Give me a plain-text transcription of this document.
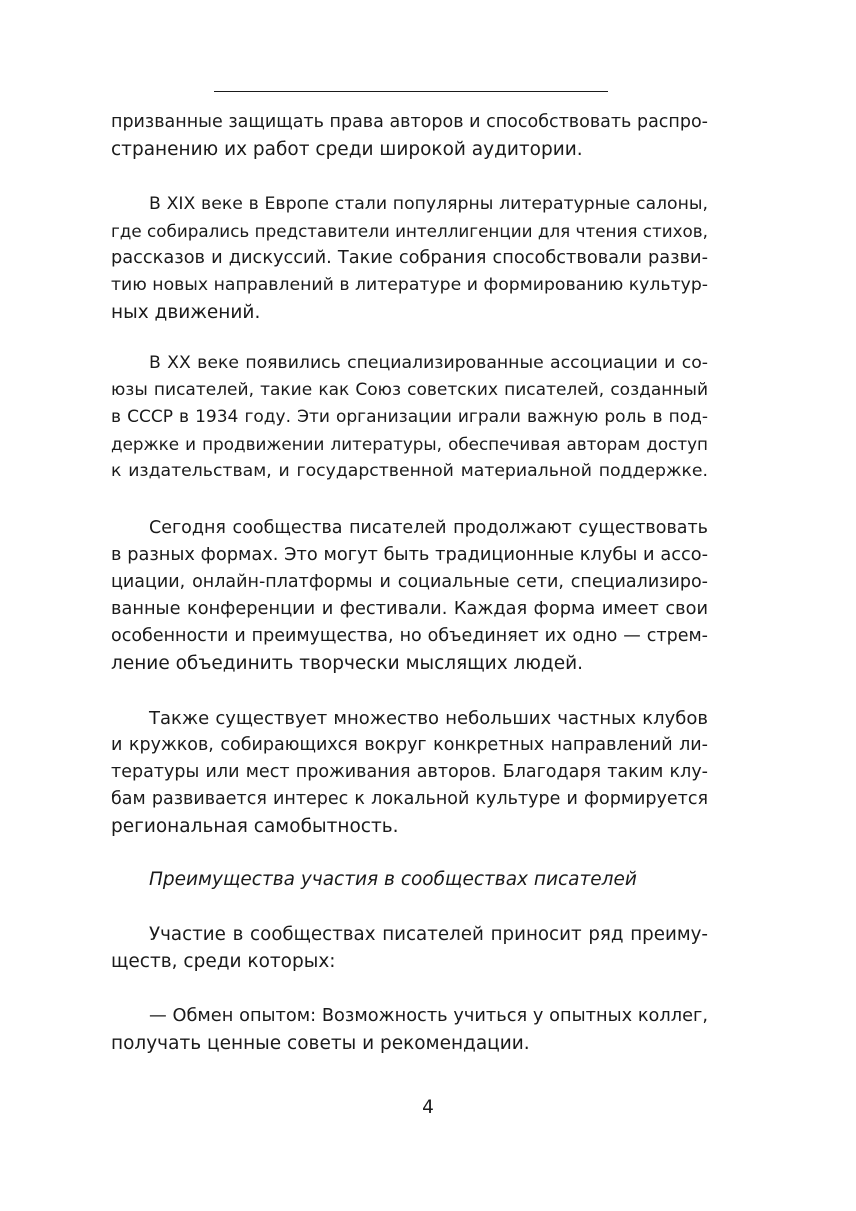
призванные защищать права авторов и способствовать распро-
странению их работ среди широкой аудитории.
В XIX веке в Европе стали популярны литературные салоны,
где собирались представители интеллигенции для чтения стихов,
рассказов и дискуссий. Такие собрания способствовали разви-
тию новых направлений в литературе и формированию культур-
ных движений.
В XX веке появились специализированные ассоциации и со-
юзы писателей, такие как Союз советских писателей, созданный
в СССР в 1934 году. Эти организации играли важную роль в под-
держке и продвижении литературы, обеспечивая авторам доступ
к издательствам, и государственной материальной поддержке.
Сегодня сообщества писателей продолжают существовать
в разных формах. Это могут быть традиционные клубы и ассо-
циации, онлайн-платформы и социальные сети, специализиро-
ванные конференции и фестивали. Каждая форма имеет свои
особенности и преимущества, но объединяет их одно — стрем-
ление объединить творчески мыслящих людей.
Также существует множество небольших частных клубов
и кружков, собирающихся вокруг конкретных направлений ли-
тературы или мест проживания авторов. Благодаря таким клу-
бам развивается интерес к локальной культуре и формируется
региональная самобытность.
Преимущества участия в сообществах писателей
Участие в сообществах писателей приносит ряд преиму-
ществ, среди которых:
— Обмен опытом: Возможность учиться у опытных коллег,
получать ценные советы и рекомендации.
4
